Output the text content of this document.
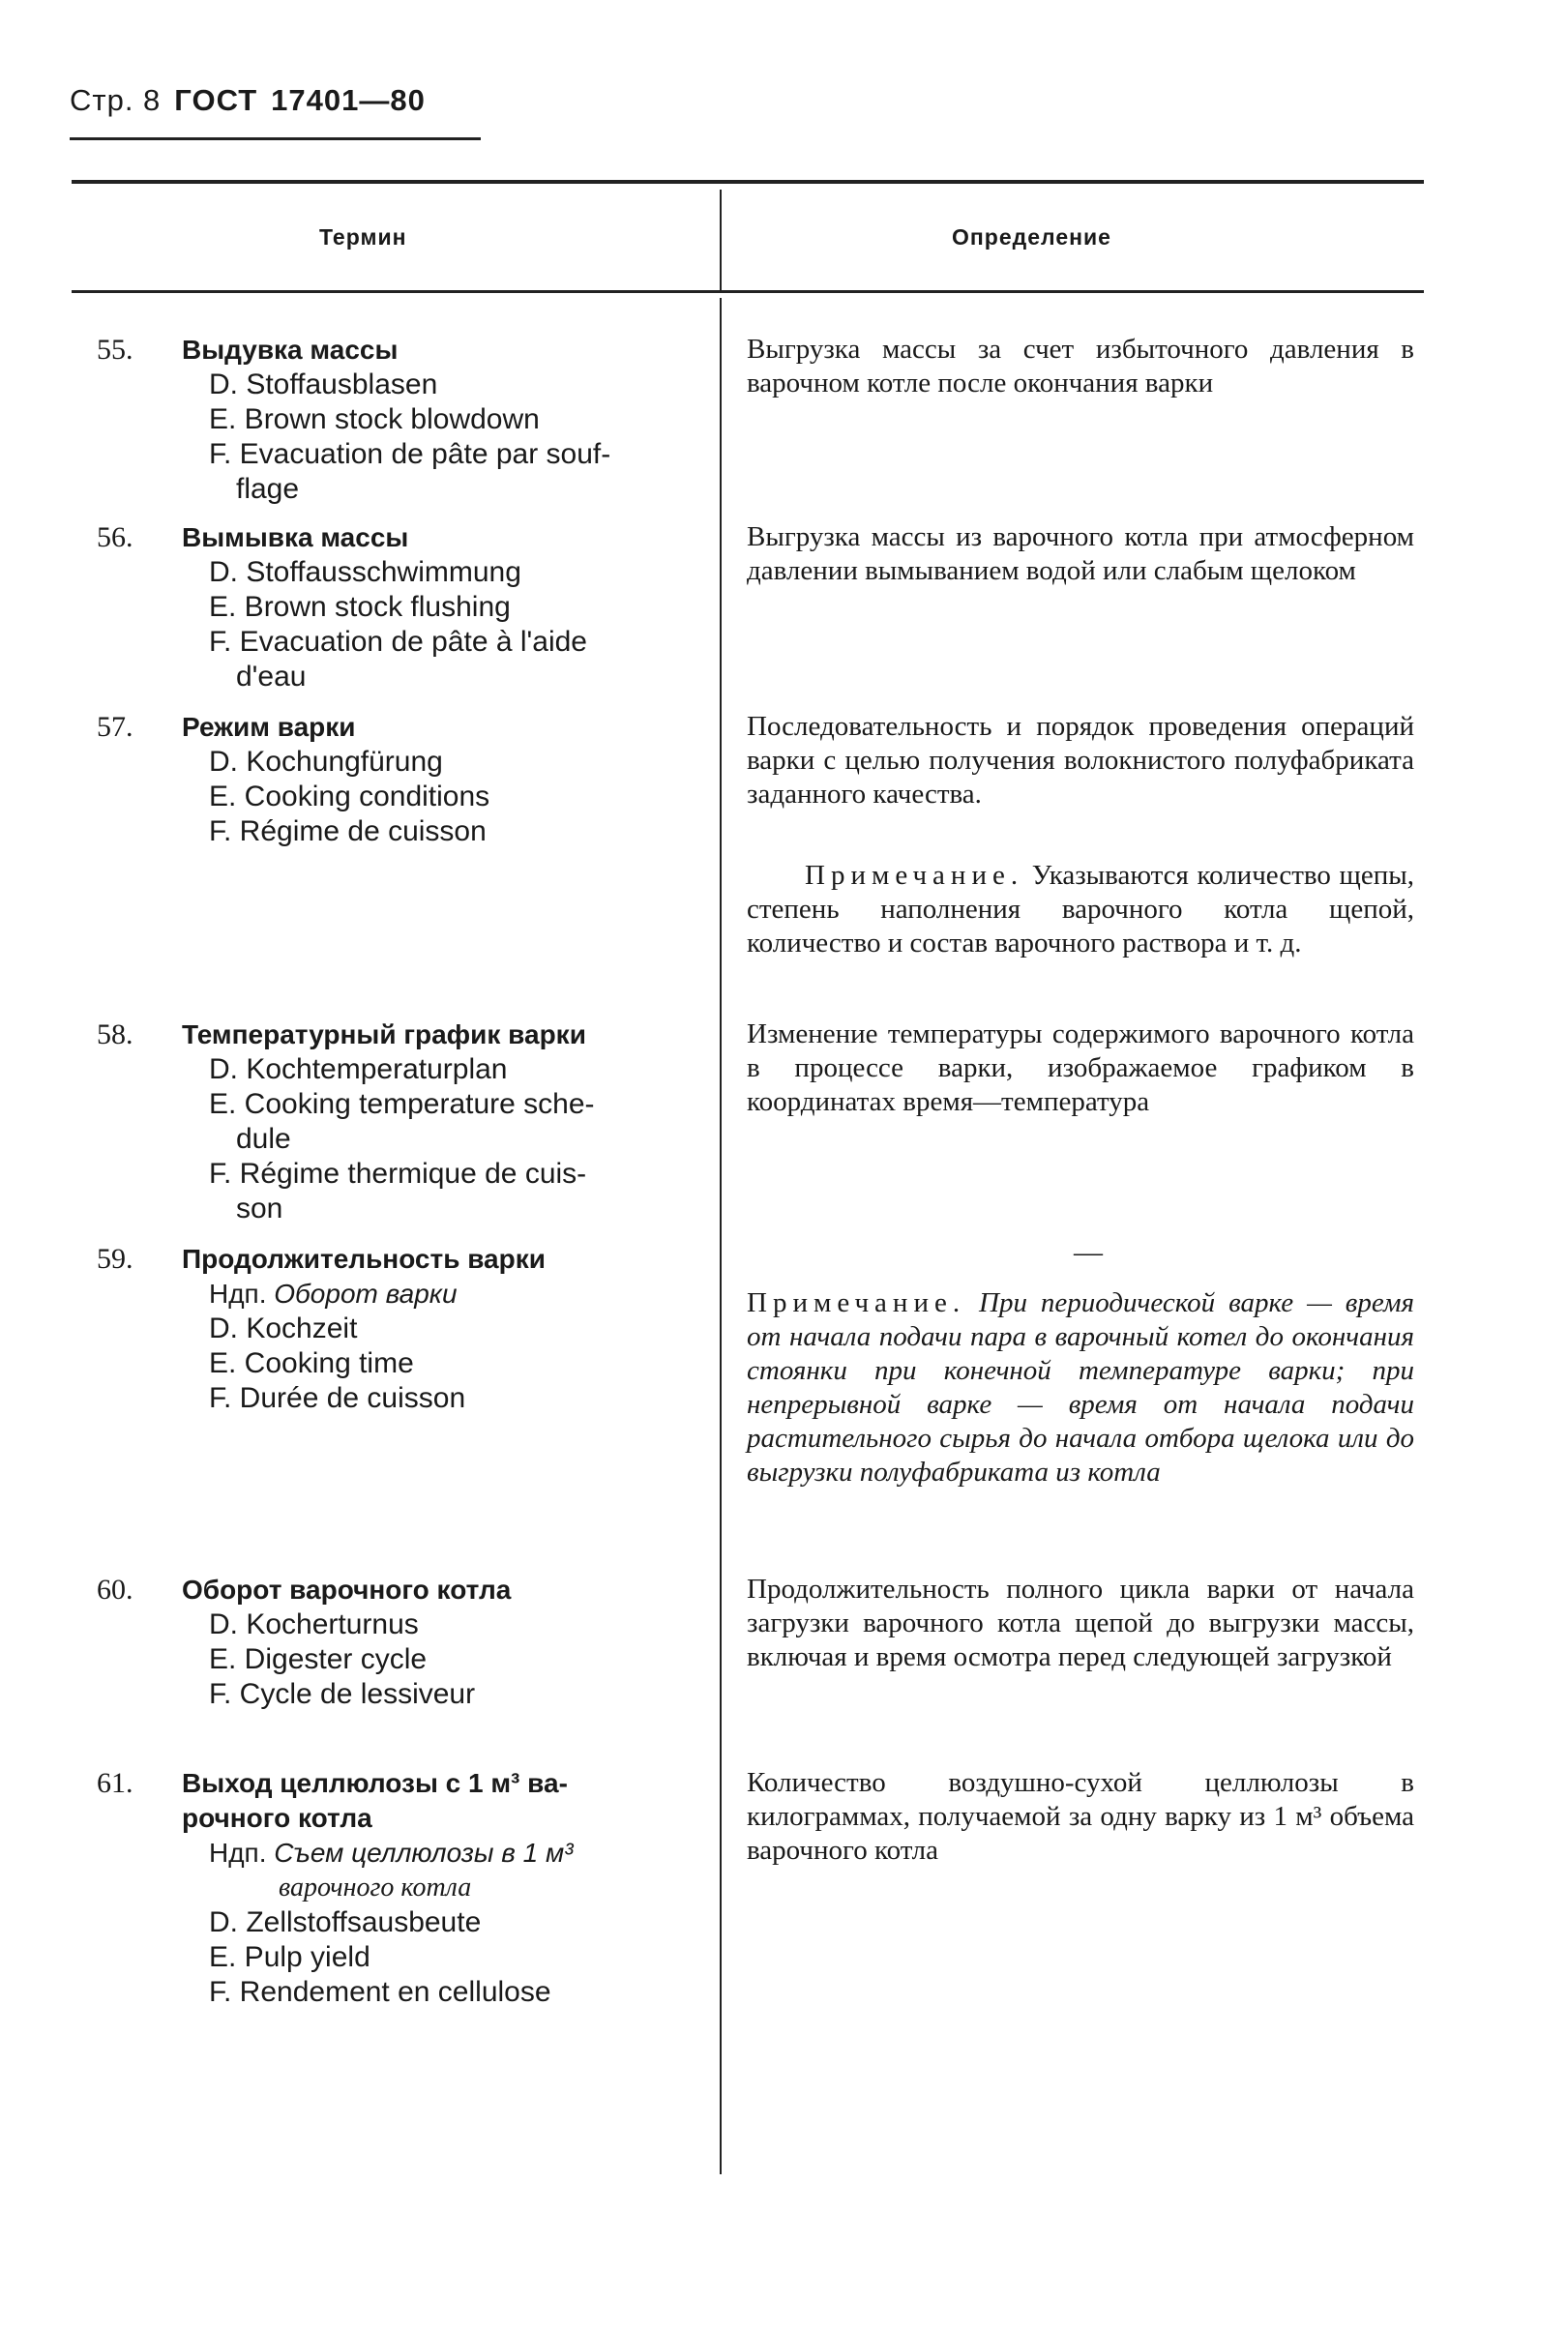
Стр. 8 ГОСТ 17401—80
Термин	Определение
55. Выдувка массы
D. Stoffausblasen
E. Brown stock blowdown
F. Evacuation de pâte par souf-
flage
Выгрузка массы за счет избыточного давления в варочном котле после окончания варки
56. Вымывка массы
D. Stoffausschwimmung
E. Brown stock flushing
F. Evacuation de pâte à l'aide
d'eau
Выгрузка массы из варочного котла при атмосферном давлении вымыванием водой или слабым щелоком
57. Режим варки
D. Kochungfürung
E. Cooking conditions
F. Régime de cuisson
Последовательность и порядок проведения операций варки с целью получения волокнистого полуфабриката заданного качества.
Примечание. Указываются количество щепы, степень наполнения варочного котла щепой, количество и состав варочного раствора и т. д.
58. Температурный график варки
D. Kochtemperaturplan
E. Cooking temperature sche-
dule
F. Régime thermique de cuis-
son
Изменение температуры содержимого варочного котла в процессе варки, изображаемое графиком в координатах время—температура
59. Продолжительность варки
Ндп. Оборот варки
D. Kochzeit
E. Cooking time
F. Durée de cuisson
—
Примечание. При периодической варке — время от начала подачи пара в варочный котел до окончания стоянки при конечной температуре варки; при непрерывной варке — время от начала подачи растительного сырья до начала отбора щелока или до выгрузки полуфабриката из котла
60. Оборот варочного котла
D. Kocherturnus
E. Digester cycle
F. Cycle de lessiveur
Продолжительность полного цикла варки от начала загрузки варочного котла щепой до выгрузки массы, включая и время осмотра перед следующей загрузкой
61. Выход целлюлозы с 1 м³ ва-
рочного котла
Ндп. Съем целлюлозы в 1 м³
варочного котла
D. Zellstoffsausbeute
E. Pulp yield
F. Rendement en cellulose
Количество воздушно-сухой целлюлозы в килограммах, получаемой за одну варку из 1 м³ объема варочного котла
